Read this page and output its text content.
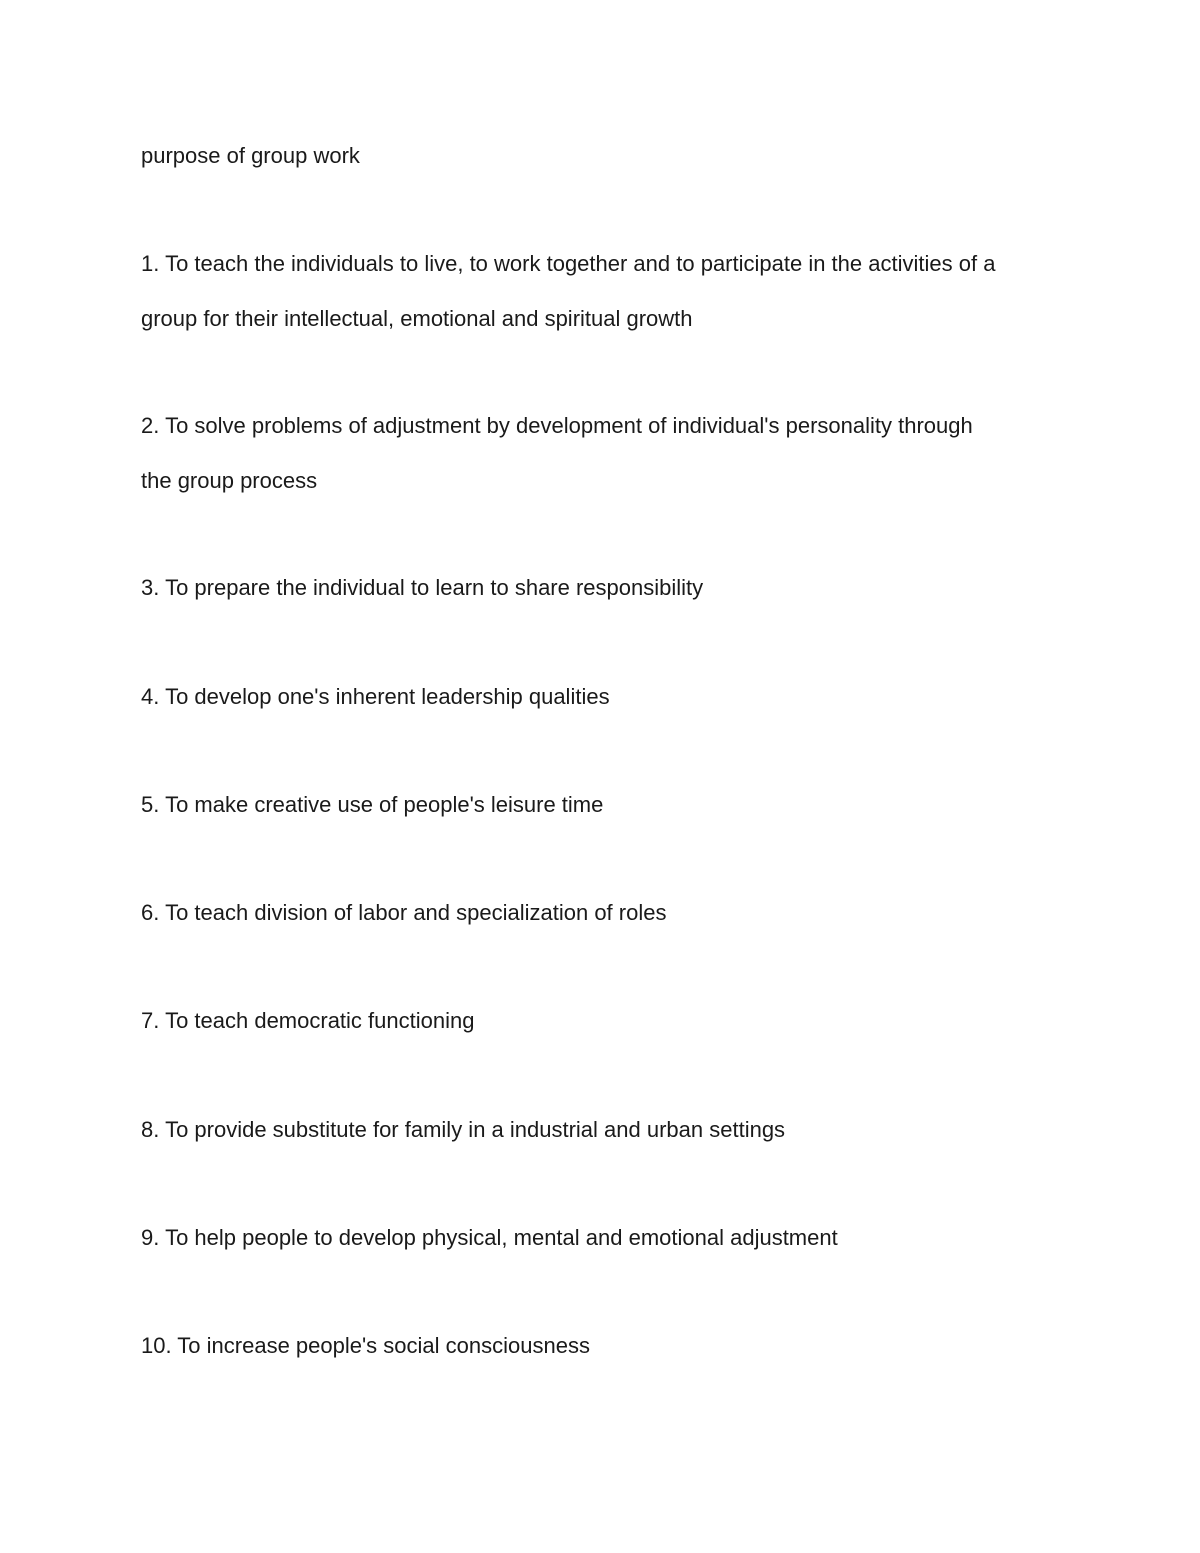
purpose of group work
1. To teach the individuals to live, to work together and to participate in the activities of a
group for their intellectual, emotional and spiritual growth
2. To solve problems of adjustment by development of individual's personality through
the group process
3. To prepare the individual to learn to share responsibility
4. To develop one's inherent leadership qualities
5. To make creative use of people's leisure time
6. To teach division of labor and specialization of roles
7. To teach democratic functioning
8. To provide substitute for family in a industrial and urban settings
9. To help people to develop physical, mental and emotional adjustment
10. To increase people's social consciousness
